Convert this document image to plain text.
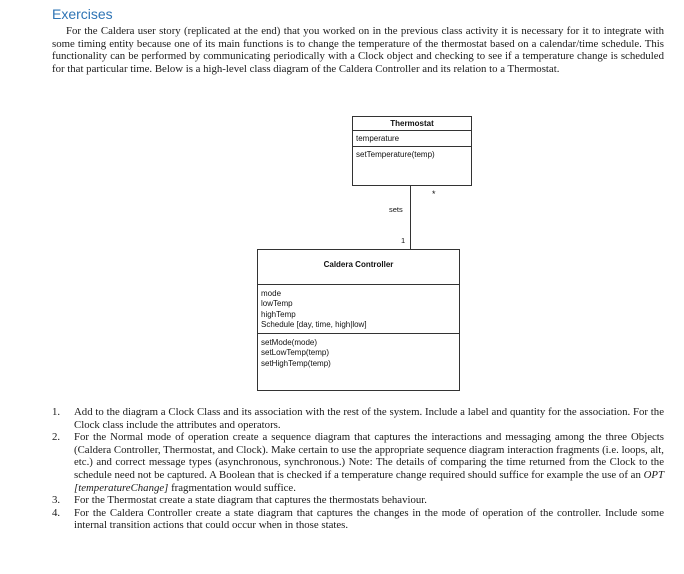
Exercises

For the Caldera user story (replicated at the end) that you worked on in the previous class activity it is necessary for it to integrate with some timing entity because one of its main functions is to change the temperature of the thermostat based on a calendar/time schedule. This functionality can be performed by communicating periodically with a Clock object and checking to see if a temperature change is scheduled for that particular time. Below is a high-level class diagram of the Caldera Controller and its relation to a Thermostat.

Thermostat
temperature
setTemperature(temp)
sets
*
1
Caldera Controller
mode
lowTemp
highTemp
Schedule [day, time, high|low]
setMode(mode)
setLowTemp(temp)
setHighTemp(temp)
1. Add to the diagram a Clock Class and its association with the rest of the system. Include a label and quantity for the association. For the Clock class include the attributes and operators.
2. For the Normal mode of operation create a sequence diagram that captures the interactions and messaging among the three Objects (Caldera Controller, Thermostat, and Clock). Make certain to use the appropriate sequence diagram interaction fragments (i.e. loops, alt, etc.) and correct message types (asynchronous, synchronous.) Note: The details of comparing the time returned from the Clock to the schedule need not be captured. A Boolean that is checked if a temperature change required should suffice for example the use of an OPT [temperatureChange] fragmentation would suffice.
3. For the Thermostat create a state diagram that captures the thermostats behaviour.
4. For the Caldera Controller create a state diagram that captures the changes in the mode of operation of the controller. Include some internal transition actions that could occur when in those states.
